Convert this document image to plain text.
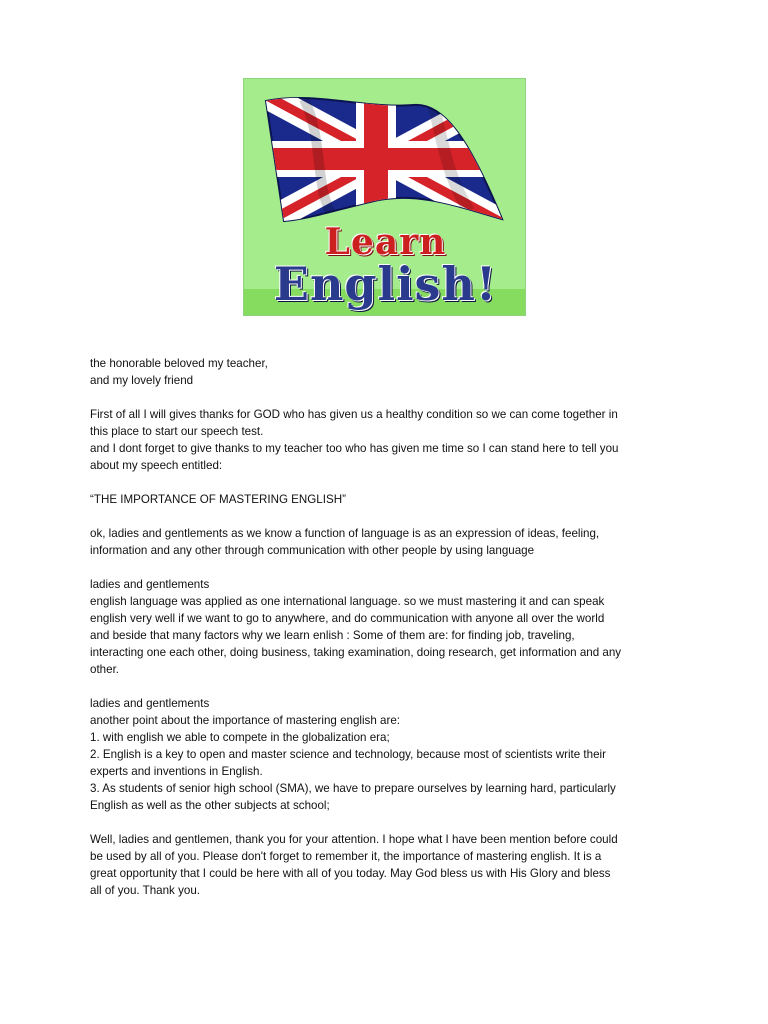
Learn
English!

the honorable beloved my teacher,
and my lovely friend

First of all I will gives thanks for GOD who has given us a healthy condition so we can come together in
this place to start our speech test.
and I dont forget to give thanks to my teacher too who has given me time so I can stand here to tell you
about my speech entitled:

“THE IMPORTANCE OF MASTERING ENGLISH”

ok, ladies and gentlements as we know a function of language is as an expression of ideas, feeling,
information and any other through communication with other people by using language

ladies and gentlements
english language was applied as one international language. so we must mastering it and can speak
english very well if we want to go to anywhere, and do communication with anyone all over the world
and beside that many factors why we learn enlish : Some of them are: for finding job, traveling,
interacting one each other, doing business, taking examination, doing research, get information and any
other.

ladies and gentlements
another point about the importance of mastering english are:
1. with english we able to compete in the globalization era;
2. English is a key to open and master science and technology, because most of scientists write their
experts and inventions in English.
3. As students of senior high school (SMA), we have to prepare ourselves by learning hard, particularly
English as well as the other subjects at school;

Well, ladies and gentlemen, thank you for your attention. I hope what I have been mention before could
be used by all of you. Please don't forget to remember it, the importance of mastering english. It is a
great opportunity that I could be here with all of you today. May God bless us with His Glory and bless
all of you. Thank you.
